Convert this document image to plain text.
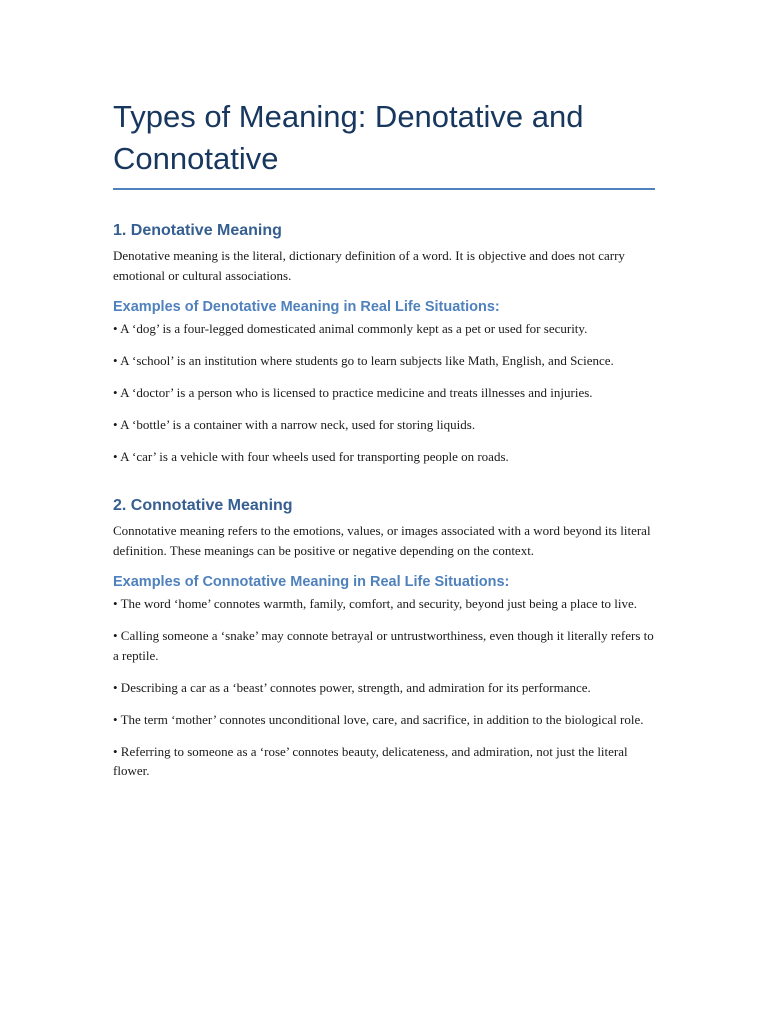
Types of Meaning: Denotative and Connotative
1. Denotative Meaning

Denotative meaning is the literal, dictionary definition of a word. It is objective and does not carry emotional or cultural associations.

Examples of Denotative Meaning in Real Life Situations:

• A ‘dog’ is a four-legged domesticated animal commonly kept as a pet or used for security.

• A ‘school’ is an institution where students go to learn subjects like Math, English, and Science.

• A ‘doctor’ is a person who is licensed to practice medicine and treats illnesses and injuries.

• A ‘bottle’ is a container with a narrow neck, used for storing liquids.

• A ‘car’ is a vehicle with four wheels used for transporting people on roads.

2. Connotative Meaning

Connotative meaning refers to the emotions, values, or images associated with a word beyond its literal definition. These meanings can be positive or negative depending on the context.

Examples of Connotative Meaning in Real Life Situations:

• The word ‘home’ connotes warmth, family, comfort, and security, beyond just being a place to live.

• Calling someone a ‘snake’ may connote betrayal or untrustworthiness, even though it literally refers to a reptile.

• Describing a car as a ‘beast’ connotes power, strength, and admiration for its performance.

• The term ‘mother’ connotes unconditional love, care, and sacrifice, in addition to the biological role.

• Referring to someone as a ‘rose’ connotes beauty, delicateness, and admiration, not just the literal flower.
